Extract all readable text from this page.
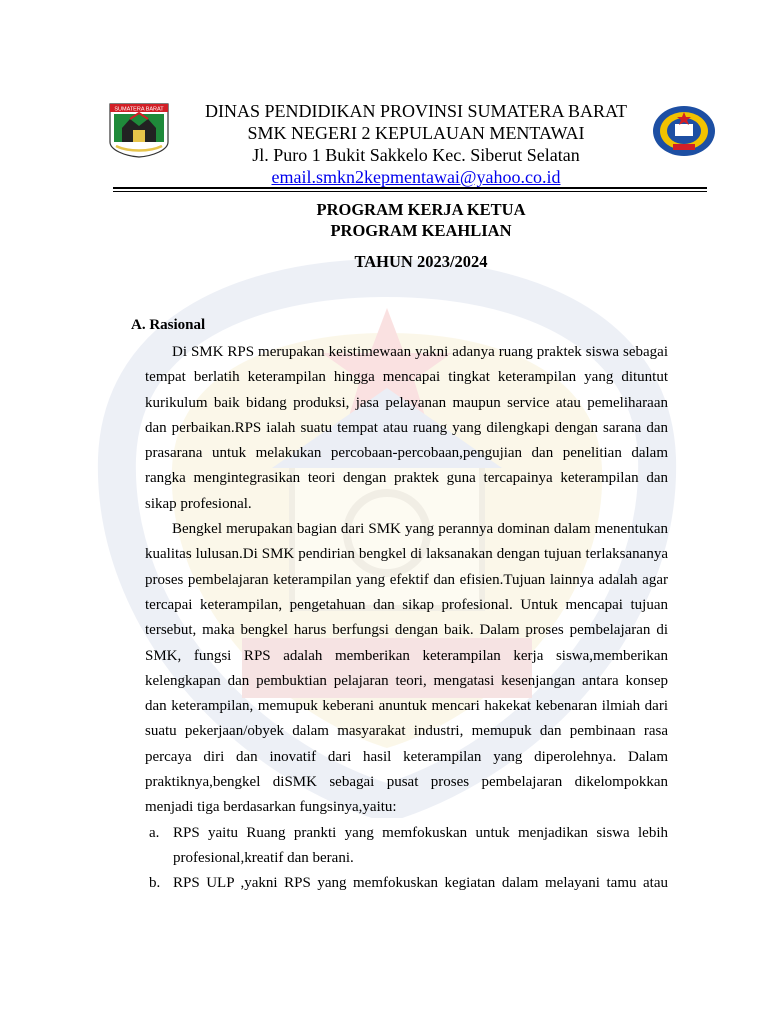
SUMATERA BARAT	DINAS PENDIDIKAN PROVINSI SUMATERA BARAT
SMK NEGERI 2 KEPULAUAN MENTAWAI
Jl. Puro 1 Bukit Sakkelo Kec. Siberut Selatan
email.smkn2kepmentawai@yahoo.co.id
PROGRAM KERJA KETUA
PROGRAM KEAHLIAN
TAHUN 2023/2024
A. Rasional

Di SMK RPS merupakan keistimewaan yakni adanya ruang praktek siswa sebagai tempat berlatih keterampilan hingga mencapai tingkat keterampilan yang dituntut kurikulum baik bidang produksi, jasa pelayanan maupun service atau pemeliharaan dan perbaikan.RPS ialah suatu tempat atau ruang yang dilengkapi dengan sarana dan prasarana untuk melakukan percobaan-percobaan,pengujian dan penelitian dalam rangka mengintegrasikan teori dengan praktek guna tercapainya keterampilan dan sikap profesional.

Bengkel merupakan bagian dari SMK yang perannya dominan dalam menentukan kualitas lulusan.Di SMK pendirian bengkel di laksanakan dengan tujuan terlaksananya proses pembelajaran keterampilan yang efektif dan efisien.Tujuan lainnya adalah agar tercapai keterampilan, pengetahuan dan sikap profesional. Untuk mencapai tujuan tersebut, maka bengkel harus berfungsi dengan baik. Dalam proses pembelajaran di SMK, fungsi RPS adalah memberikan keterampilan kerja siswa,memberikan kelengkapan dan pembuktian pelajaran teori, mengatasi kesenjangan antara konsep dan keterampilan, memupuk keberani anuntuk mencari hakekat kebenaran ilmiah dari suatu pekerjaan/obyek dalam masyarakat industri, memupuk dan pembinaan rasa percaya diri dan inovatif dari hasil keterampilan yang diperolehnya. Dalam praktiknya,bengkel diSMK sebagai pusat proses pembelajaran dikelompokkan menjadi tiga berdasarkan fungsinya,yaitu:

a. RPS yaitu Ruang prankti yang memfokuskan untuk menjadikan siswa lebih profesional,kreatif dan berani.
b. RPS ULP ,yakni RPS yang memfokuskan kegiatan dalam melayani tamu atau
